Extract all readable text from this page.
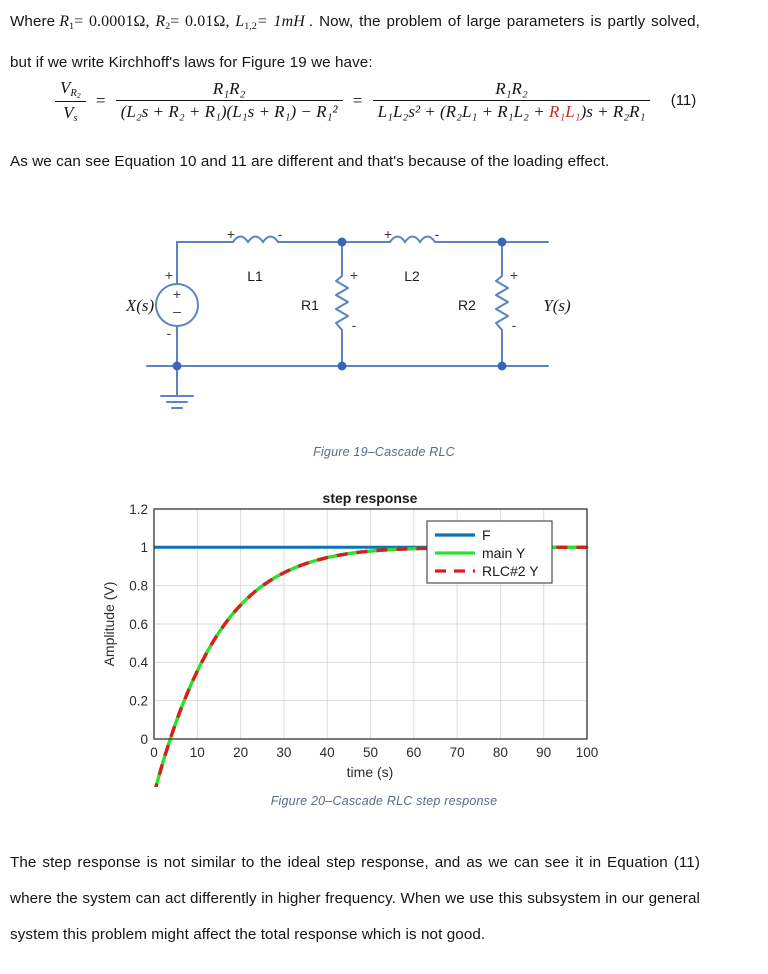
Where R1= 0.0001Ω, R2= 0.01Ω, L1,2= 1mH . Now, the problem of large parameters is partly solved, but if we write Kirchhoff's laws for Figure 19 we have:
$\frac{V_{R2}}{V_s} = \frac{\text{R₁R₂}}{\text{(L₂s + R₂ + R₁)(L₁s + R₁) − R₁²}} = \frac{\text{R₁R₂}}{\text{L₁L₂s² + (R₂L₁ + R₁L₂ + R₁L₁)s + R₂R₁}} (11)$
As we can see Equation 10 and 11 are different and that's because of the loading effect.
+
–
+	-	+	-
+
-
+
-
+
-
L1	L2
R1	R2
X(s)	Y(s)
Figure 19–Cascade RLC
step response
0
0.2
0.4
0.6
0.8
1
1.2
0 10 20 30 40 50 60 70 80 90 100
time (s)
Amplitude (V)
F
main Y
RLC#2 Y
Figure 20–Cascade RLC step response
The step response is not similar to the ideal step response, and as we can see it in Equation (11) where the system can act differently in higher frequency. When we use this subsystem in our general system this problem might affect the total response which is not good.
